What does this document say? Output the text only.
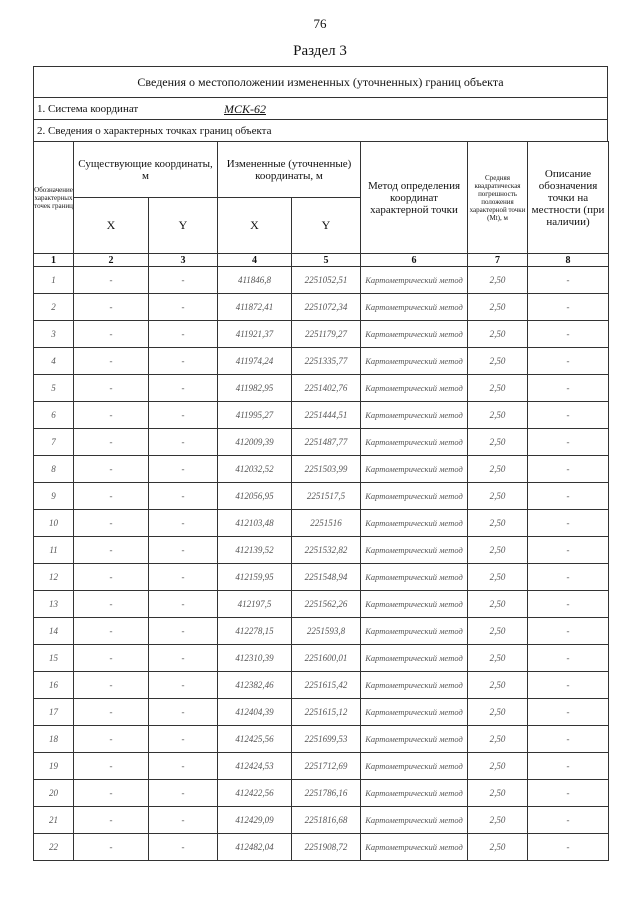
76
Раздел 3
Сведения о местоположении измененных (уточненных) границ объекта
1. Система координат	МСК-62
2. Сведения о характерных точках границ объекта
Обозначение характерных точек границ	Существующие координаты, м		Измененные (уточненные) координаты, м		Метод определения координат характерной точки	Средняя квадратическая погрешность положения характерной точки (Mt), м	Описание обозначения точки на местности (при наличии)
	X	Y	X	Y			
1	2	3	4	5	6	7	8
1	-	-	411846,8	2251052,51	Картометрический метод	2,50	-
2	-	-	411872,41	2251072,34	Картометрический метод	2,50	-
3	-	-	411921,37	2251179,27	Картометрический метод	2,50	-
4	-	-	411974,24	2251335,77	Картометрический метод	2,50	-
5	-	-	411982,95	2251402,76	Картометрический метод	2,50	-
6	-	-	411995,27	2251444,51	Картометрический метод	2,50	-
7	-	-	412009,39	2251487,77	Картометрический метод	2,50	-
8	-	-	412032,52	2251503,99	Картометрический метод	2,50	-
9	-	-	412056,95	2251517,5	Картометрический метод	2,50	-
10	-	-	412103,48	2251516	Картометрический метод	2,50	-
11	-	-	412139,52	2251532,82	Картометрический метод	2,50	-
12	-	-	412159,95	2251548,94	Картометрический метод	2,50	-
13	-	-	412197,5	2251562,26	Картометрический метод	2,50	-
14	-	-	412278,15	2251593,8	Картометрический метод	2,50	-
15	-	-	412310,39	2251600,01	Картометрический метод	2,50	-
16	-	-	412382,46	2251615,42	Картометрический метод	2,50	-
17	-	-	412404,39	2251615,12	Картометрический метод	2,50	-
18	-	-	412425,56	2251699,53	Картометрический метод	2,50	-
19	-	-	412424,53	2251712,69	Картометрический метод	2,50	-
20	-	-	412422,56	2251786,16	Картометрический метод	2,50	-
21	-	-	412429,09	2251816,68	Картометрический метод	2,50	-
22	-	-	412482,04	2251908,72	Картометрический метод	2,50	-
